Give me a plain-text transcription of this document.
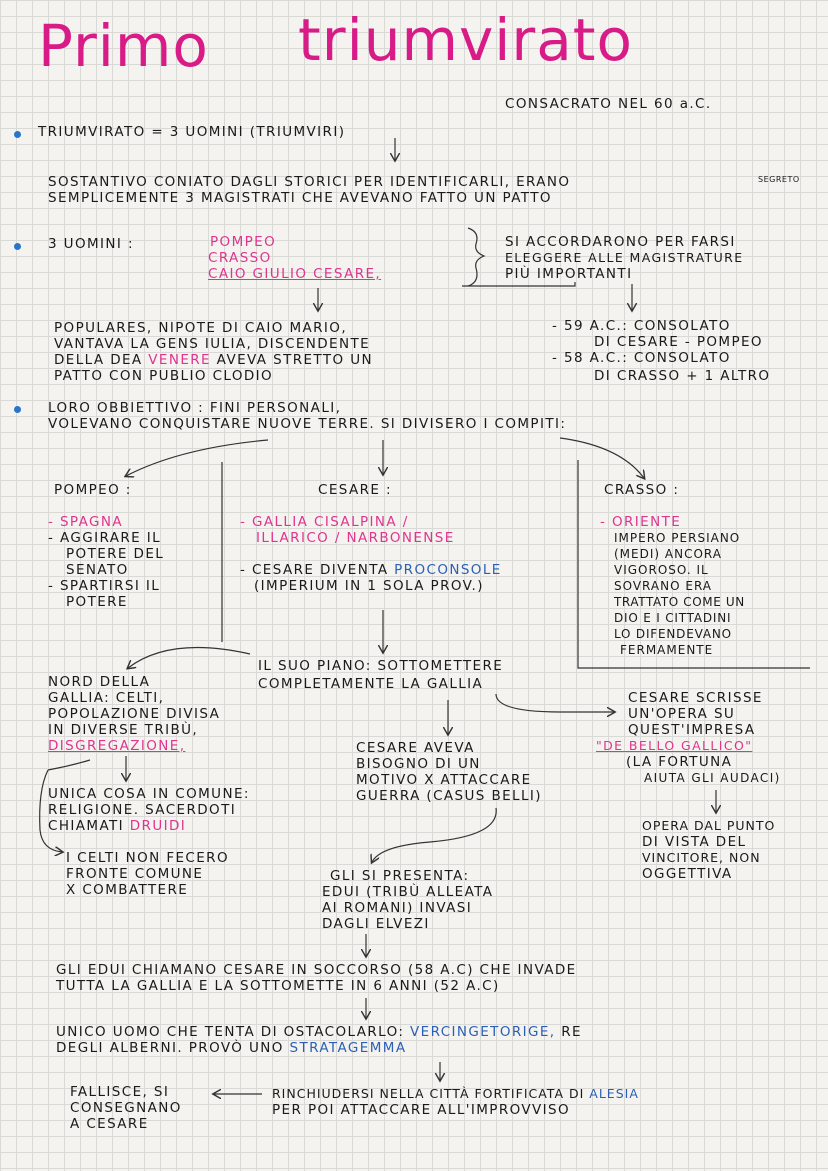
Primo triumvirato
CONSACRATO NEL 60 a.C.
TRIUMVIRATO = 3 UOMINI (TRIUMVIRI)
SOSTANTIVO CONIATO DAGLI STORICI PER IDENTIFICARLI, ERANO
SEMPLICEMENTE 3 MAGISTRATI CHE AVEVANO FATTO UN PATTO
SEGRETO
3 UOMINI :	POMPEO
CRASSO
CAIO GIULIO CESARE,
SI ACCORDARONO PER FARSI
ELEGGERE ALLE MAGISTRATURE
PIÙ IMPORTANTI
POPULARES, NIPOTE DI CAIO MARIO,
VANTAVA LA GENS IULIA, DISCENDENTE
DELLA DEA VENERE AVEVA STRETTO UN
PATTO CON PUBLIO CLODIO
- 59 A.C.: CONSOLATO
DI CESARE - POMPEO
- 58 A.C.: CONSOLATO
DI CRASSO + 1 ALTRO
LORO OBBIETTIVO : FINI PERSONALI,
VOLEVANO CONQUISTARE NUOVE TERRE. SI DIVISERO I COMPITI:
POMPEO :
- SPAGNA
- AGGIRARE IL
POTERE DEL
SENATO
- SPARTIRSI IL
POTERE
CESARE :
- GALLIA CISALPINA /
ILLARICO / NARBONENSE
- CESARE DIVENTA PROCONSOLE
(IMPERIUM IN 1 SOLA PROV.)
CRASSO :
- ORIENTE
IMPERO PERSIANO
(MEDI) ANCORA
VIGOROSO. IL
SOVRANO ERA
TRATTATO COME UN
DIO E I CITTADINI
LO DIFENDEVANO
FERMAMENTE
IL SUO PIANO: SOTTOMETTERE
COMPLETAMENTE LA GALLIA
NORD DELLA
GALLIA: CELTI,
POPOLAZIONE DIVISA
IN DIVERSE TRIBÙ,
DISGREGAZIONE,
UNICA COSA IN COMUNE:
RELIGIONE. SACERDOTI
CHIAMATI DRUIDI
I CELTI NON FECERO
FRONTE COMUNE
X COMBATTERE
CESARE AVEVA
BISOGNO DI UN
MOTIVO X ATTACCARE
GUERRA (CASUS BELLI)
CESARE SCRISSE
UN'OPERA SU
QUEST'IMPRESA
"DE BELLO GALLICO"
(LA FORTUNA
AIUTA GLI AUDACI)
OPERA DAL PUNTO
DI VISTA DEL
VINCITORE, NON
OGGETTIVA
GLI SI PRESENTA:
EDUI (TRIBÙ ALLEATA
AI ROMANI) INVASI
DAGLI ELVEZI
GLI EDUI CHIAMANO CESARE IN SOCCORSO (58 A.C) CHE INVADE
TUTTA LA GALLIA E LA SOTTOMETTE IN 6 ANNI (52 A.C)
UNICO UOMO CHE TENTA DI OSTACOLARLO: VERCINGETORIGE, RE
DEGLI ALBERNI. PROVÒ UNO STRATAGEMMA
RINCHIUDERSI NELLA CITTÀ FORTIFICATA DI ALESIA
PER POI ATTACCARE ALL'IMPROVVISO
FALLISCE, SI
CONSEGNANO
A CESARE
